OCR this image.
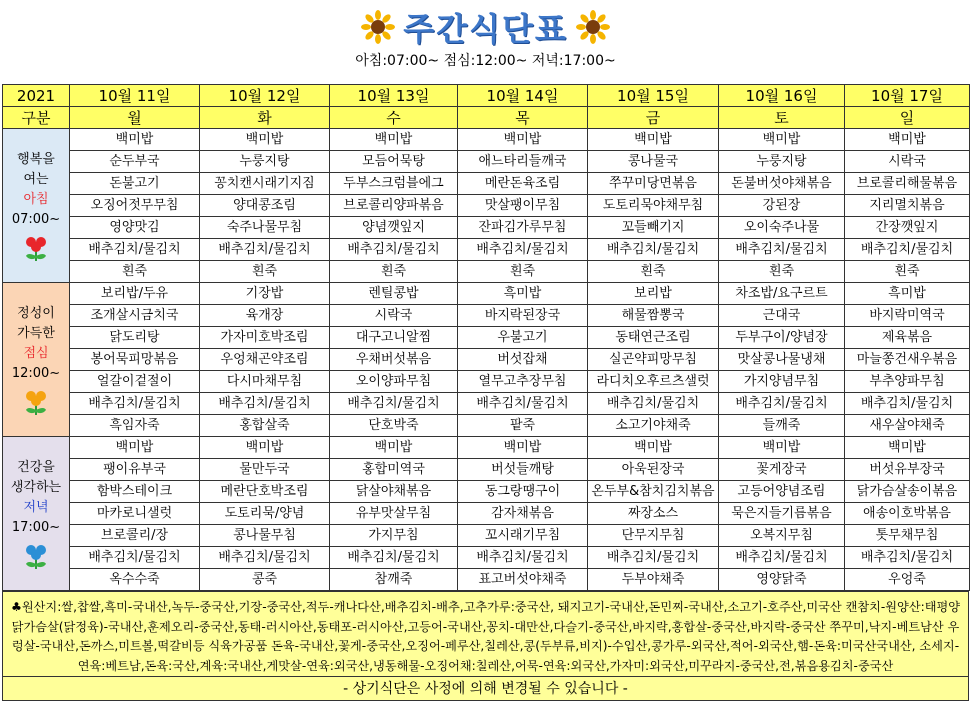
주간식단표
아침:07:00~ 점심:12:00~ 저녁:17:00~
2021	10월 11일	10월 12일	10월 13일	10월 14일	10월 15일	10월 16일	10월 17일
구분	월	화	수	목	금	토	일

행복을
여는
아침
07:00~	백미밥	백미밥	백미밥	백미밥	백미밥	백미밥	백미밥
	순두부국	누룽지탕	모듬어묵탕	애느타리들깨국	콩나물국	누룽지탕	시락국
	돈불고기	꽁치캔시래기지짐	두부스크럼블에그	메란돈육조림	쭈꾸미당면볶음	돈불버섯야채볶음	브로콜리해물볶음
	오징어젓무무침	양대콩조림	브로콜리양파볶음	맛살팽이무침	도토리묵야채무침	강된장	지리멸치볶음
	영양맛김	숙주나물무침	양념깻잎지	잔파김가루무침	꼬들빼기지	오이숙주나물	간장깻잎지
	배추김치/물김치	배추김치/물김치	배추김치/물김치	배추김치/물김치	배추김치/물김치	배추김치/물김치	배추김치/물김치
	흰죽	흰죽	흰죽	흰죽	흰죽	흰죽	흰죽

정성이
가득한
점심
12:00~	보리밥/두유	기장밥	렌틸콩밥	흑미밥	보리밥	차조밥/요구르트	흑미밥
	조개살시금치국	육개장	시락국	바지락된장국	해물짬뽕국	근대국	바지락미역국
	닭도리탕	가자미호박조림	대구고니알찜	우불고기	동태연근조림	두부구이/양념장	제육볶음
	봉어묵피망볶음	우엉채곤약조림	우채버섯볶음	버섯잡채	실곤약피망무침	맛살콩나물냉채	마늘쫑건새우볶음
	얼갈이겉절이	다시마채무침	오이양파무침	열무고추장무침	라디치오후르츠샐럿	가지양념무침	부추양파무침
	배추김치/물김치	배추김치/물김치	배추김치/물김치	배추김치/물김치	배추김치/물김치	배추김치/물김치	배추김치/물김치
	흑임자죽	홍합살죽	단호박죽	팥죽	소고기야채죽	들깨죽	새우살야채죽

건강을
생각하는
저녁
17:00~	백미밥	백미밥	백미밥	백미밥	백미밥	백미밥	백미밥
	팽이유부국	물만두국	홍합미역국	버섯들깨탕	아욱된장국	꽃게장국	버섯유부장국
	함박스테이크	메란단호박조림	닭살야채볶음	동그랑땡구이	온두부&참치김치볶음	고등어양념조림	닭가슴살송이볶음
	마카로니샐럿	도토리묵/양념	유부맛살무침	감자채볶음	짜장소스	묵은지들기름볶음	애송이호박볶음
	브로콜리/장	콩나물무침	가지무침	꼬시래기무침	단무지무침	오복지무침	톳무채무침
	배추김치/물김치	배추김치/물김치	배추김치/물김치	배추김치/물김치	배추김치/물김치	배추김치/물김치	배추김치/물김치
	옥수수죽	콩죽	참깨죽	표고버섯야채죽	두부야채죽	영양닭죽	우엉죽
♣원산지:쌀,찹쌀,흑미-국내산,녹두-중국산,기장-중국산,적두-캐나다산,배추김치-배추,고추가루:중국산, 돼지고기-국내산,돈민찌-국내산,소고기-호주산,미국산 캔참치-원양산:태평양 닭가슴살(닭정육)-국내산,훈제오리-중국산,동태-러시아산,동태포-러시아산,고등어-국내산,꽁치-대만산,다슬기-중국산,바지락,홍합살-중국산,바지락-중국산 쭈꾸미,낙지-베트남산 우렁살-국내산,돈까스,미트볼,떡갈비등 식육가공품 돈육-국내산,꽃게-중국산,오징어-페루산,칠레산,콩(두부류,비지)-수입산,콩가루-외국산,적어-외국산,햄-돈육:미국산국내산, 소세지-연육:베트남,돈육:국산,계육:국내산,게맛살-연육:외국산,냉동해물-오징어채:칠레산,어묵-연육:외국산,가자미:외국산,미꾸라지-중국산,전,볶음용김치-중국산
- 상기식단은 사정에 의해 변경될 수 있습니다 -
